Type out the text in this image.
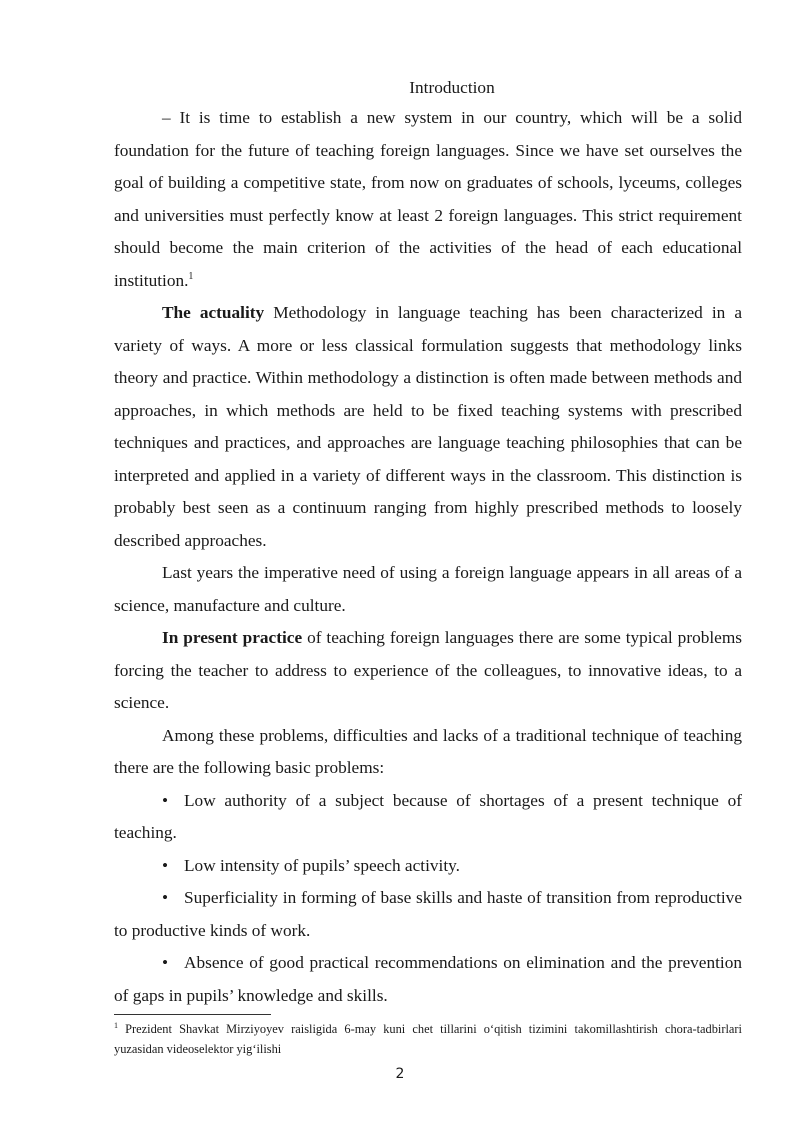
Introduction

– It is time to establish a new system in our country, which will be a solid foundation for the future of teaching foreign languages. Since we have set ourselves the goal of building a competitive state, from now on graduates of schools, lyceums, colleges and universities must perfectly know at least 2 foreign languages. This strict requirement should become the main criterion of the activities of the head of each educational institution.$^1$

The actuality Methodology in language teaching has been characterized in a variety of ways. A more or less classical formulation suggests that methodology links theory and practice. Within methodology a distinction is often made between methods and approaches, in which methods are held to be fixed teaching systems with prescribed techniques and practices, and approaches are language teaching philosophies that can be interpreted and applied in a variety of different ways in the classroom. This distinction is probably best seen as a continuum ranging from highly prescribed methods to loosely described approaches.

Last years the imperative need of using a foreign language appears in all areas of a science, manufacture and culture.

In present practice of teaching foreign languages there are some typical problems forcing the teacher to address to experience of the colleagues, to innovative ideas, to a science.

Among these problems, difficulties and lacks of a traditional technique of teaching there are the following basic problems:

• Low authority of a subject because of shortages of a present technique of teaching.

• Low intensity of pupils’ speech activity.

• Superficiality in forming of base skills and haste of transition from reproductive to productive kinds of work.

• Absence of good practical recommendations on elimination and the prevention of gaps in pupils’ knowledge and skills.

$^1$ Prezident Shavkat Mirziyoyev raisligida 6-may kuni chet tillarini o‘qitish tizimini takomillashtirish chora-tadbirlari yuzasidan videoselektor yig‘ilishi

2
